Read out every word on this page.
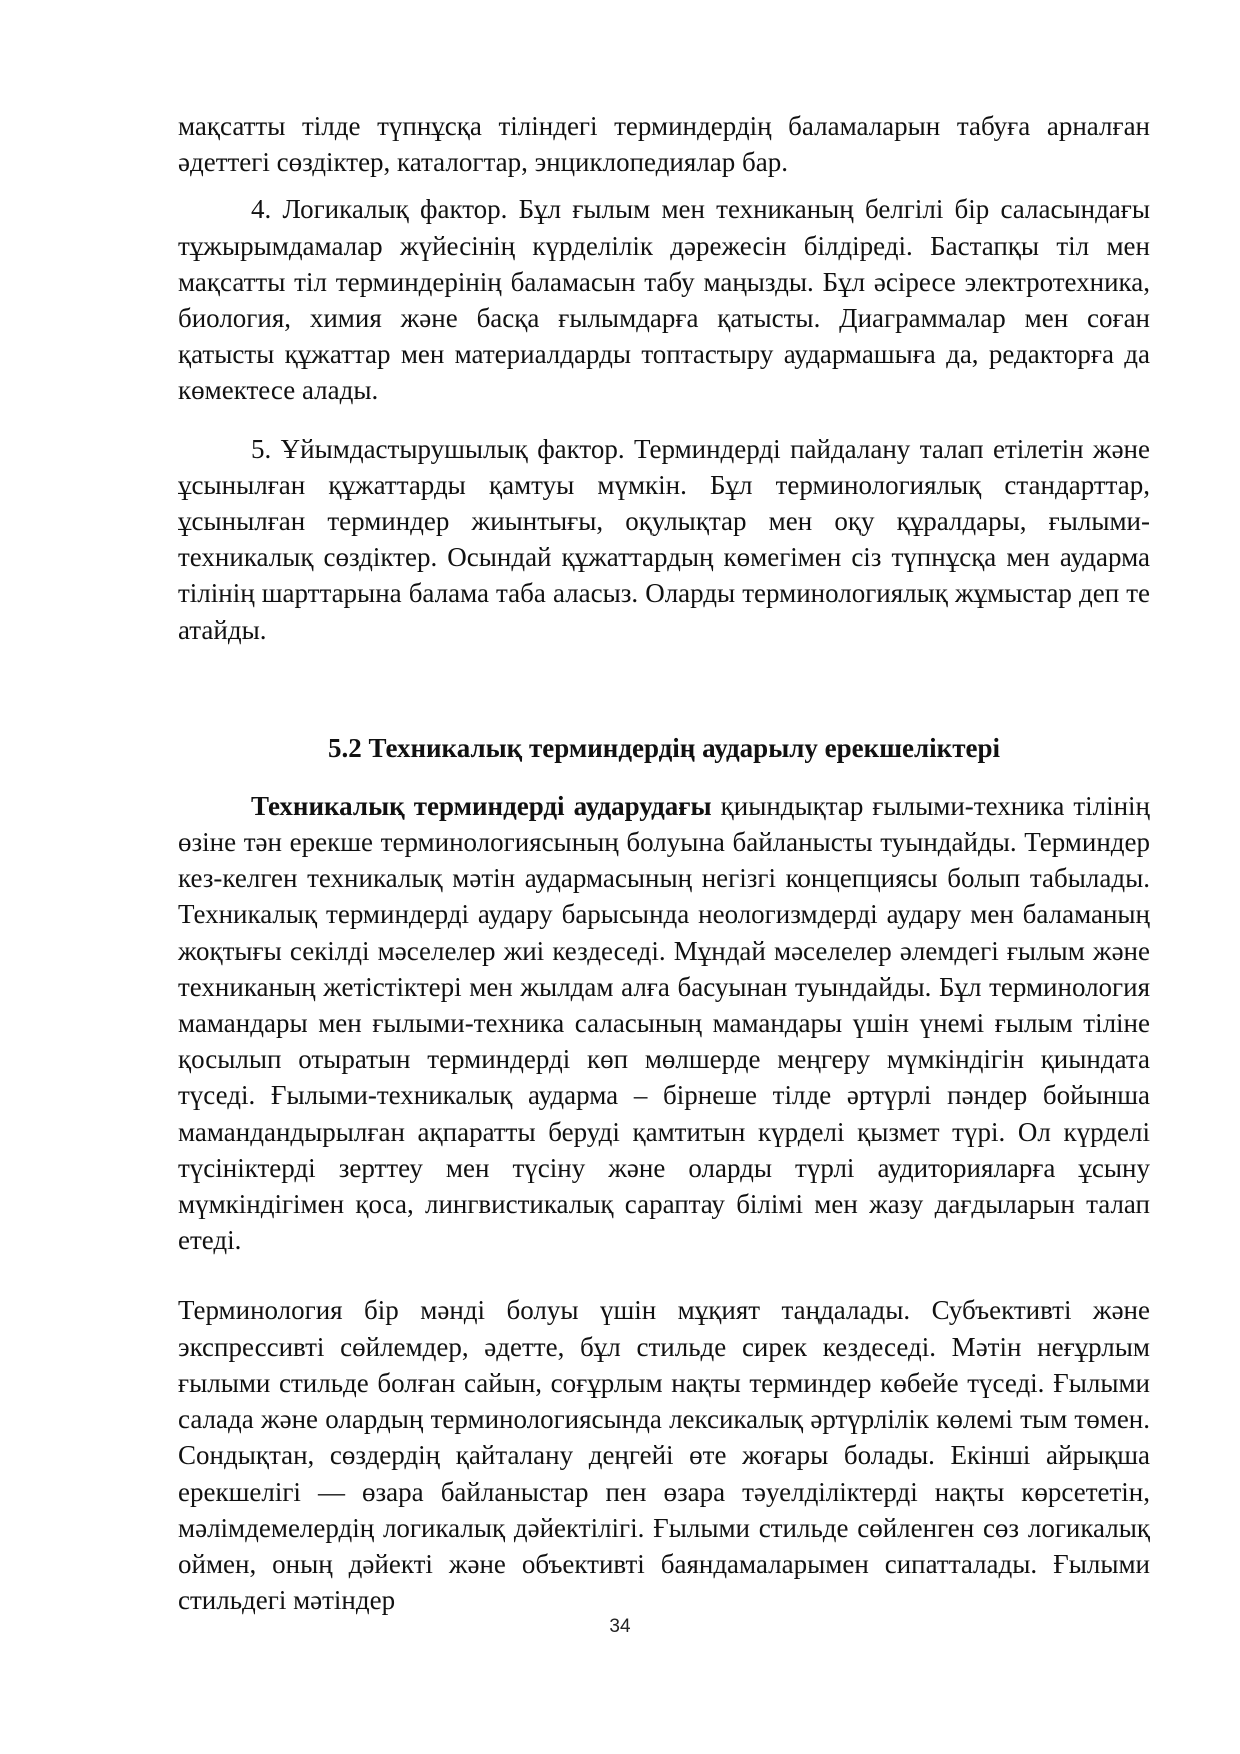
мақсатты тілде түпнұсқа тіліндегі терминдердің баламаларын табуға арналған әдеттегі сөздіктер, каталогтар, энциклопедиялар бар.

4. Логикалық фактор. Бұл ғылым мен техниканың белгілі бір саласындағы тұжырымдамалар жүйесінің күрделілік дәрежесін білдіреді. Бастапқы тіл мен мақсатты тіл терминдерінің баламасын табу маңызды. Бұл әсіресе электротехника, биология, химия және басқа ғылымдарға қатысты. Диаграммалар мен соған қатысты құжаттар мен материалдарды топтастыру аудармашыға да, редакторға да көмектесе алады.

5. Ұйымдастырушылық фактор. Терминдерді пайдалану талап етілетін және ұсынылған құжаттарды қамтуы мүмкін. Бұл терминологиялық стандарттар, ұсынылған терминдер жиынтығы, оқулықтар мен оқу құралдары, ғылыми-техникалық сөздіктер. Осындай құжаттардың көмегімен сіз түпнұсқа мен аударма тілінің шарттарына балама таба аласыз. Оларды терминологиялық жұмыстар деп те атайды.

5.2 Техникалық терминдердің аударылу ерекшеліктері

Техникалық терминдерді аударудағы қиындықтар ғылыми-техника тілінің өзіне тән ерекше терминологиясының болуына байланысты туындайды. Терминдер кез-келген техникалық мәтін аудармасының негізгі концепциясы болып табылады. Техникалық терминдерді аудару барысында неологизмдерді аудару мен баламаның жоқтығы секілді мәселелер жиі кездеседі. Мұндай мәселелер әлемдегі ғылым және техниканың жетістіктері мен жылдам алға басуынан туындайды. Бұл терминология мамандары мен ғылыми-техника саласының мамандары үшін үнемі ғылым тіліне қосылып отыратын терминдерді көп мөлшерде меңгеру мүмкіндігін қиындата түседі. Ғылыми-техникалық аударма – бірнеше тілде әртүрлі пәндер бойынша мамандандырылған ақпаратты беруді қамтитын күрделі қызмет түрі. Ол күрделі түсініктерді зерттеу мен түсіну және оларды түрлі аудиторияларға ұсыну мүмкіндігімен қоса, лингвистикалық сараптау білімі мен жазу дағдыларын талап етеді.

Терминология бір мәнді болуы үшін мұқият таңдалады. Субъективті және экспрессивті сөйлемдер, әдетте, бұл стильде сирек кездеседі. Мәтін неғұрлым ғылыми стильде болған сайын, соғұрлым нақты терминдер көбейе түседі. Ғылыми салада және олардың терминологиясында лексикалық әртүрлілік көлемі тым төмен. Сондықтан, сөздердің қайталану деңгейі өте жоғары болады. Екінші айрықша ерекшелігі — өзара байланыстар пен өзара тәуелділіктерді нақты көрсететін, мәлімдемелердің логикалық дәйектілігі. Ғылыми стильде сөйленген сөз логикалық оймен, оның дәйекті және объективті баяндамаларымен сипатталады. Ғылыми стильдегі мәтіндер

34
